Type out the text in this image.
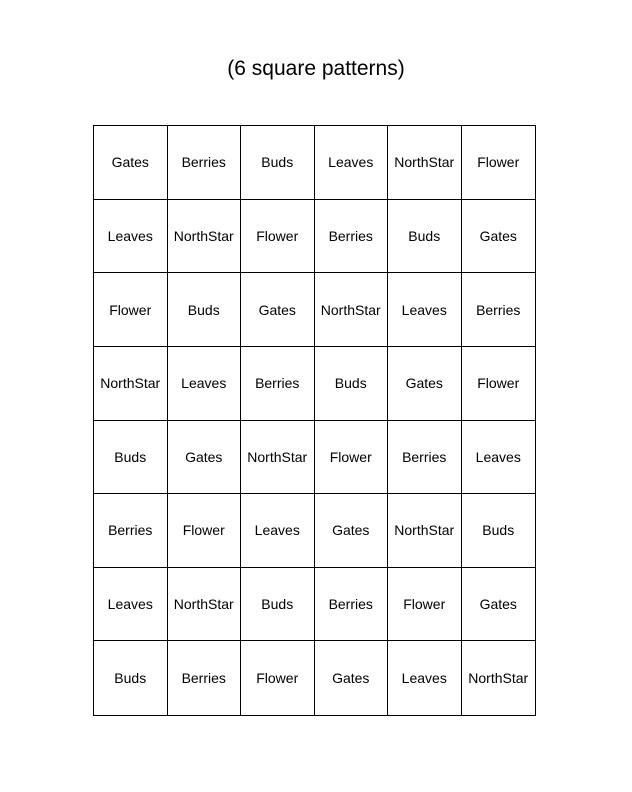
(6 square patterns)
Gates Berries	Buds Leaves North Star Flower
Leaves North Star Flower Berries	Buds	Gates
Flower	Buds	Gates North Star Leaves Berries
North Star Leaves Berries	Buds	Gates Flower
Buds	Gates North Star Flower Berries Leaves
Berries Flower Leaves Gates North Star Buds
Leaves North Star Buds	Berries Flower Gates
Buds	Berries Flower Gates Leaves North Star
